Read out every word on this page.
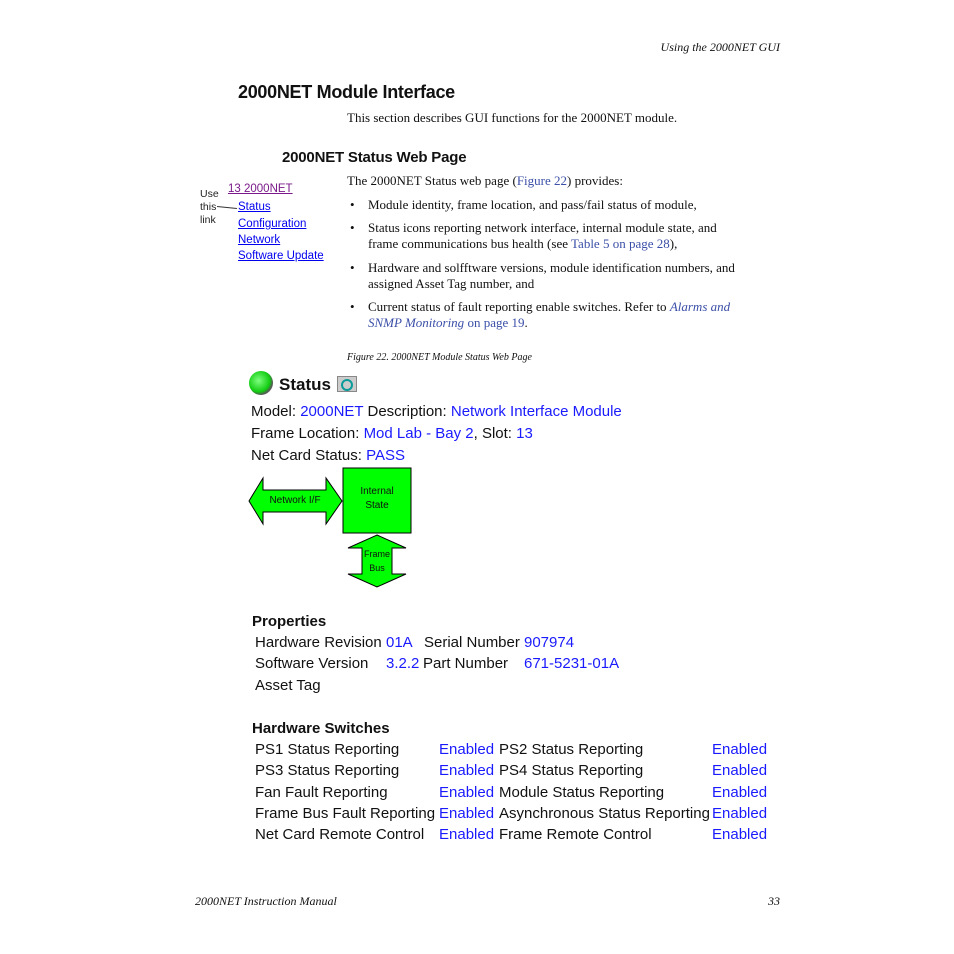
Using the 2000NET GUI
2000NET Module Interface
This section describes GUI functions for the 2000NET module.
2000NET Status Web Page
Use
this
link
13 2000NET
Status
Configuration
Network
Software Update
The 2000NET Status web page (Figure 22) provides:
• Module identity, frame location, and pass/fail status of module,
• Status icons reporting network interface, internal module state, and
frame communications bus health (see Table 5 on page 28),
• Hardware and solfftware versions, module identification numbers, and
assigned Asset Tag number, and
• Current status of fault reporting enable switches. Refer to Alarms and
SNMP Monitoring on page 19.
Figure 22. 2000NET Module Status Web Page
Status
Model: 2000NET Description: Network Interface Module
Frame Location: Mod Lab - Bay 2, Slot: 13
Net Card Status: PASS
Network I/F
Internal
State
Frame
Bus
Properties
Hardware Revision 01A Serial Number 907974
Software Version 3.2.2 Part Number 671-5231-01A
Asset Tag
Hardware Switches
PS1 Status Reporting	Enabled PS2 Status Reporting	Enabled
PS3 Status Reporting	Enabled PS4 Status Reporting	Enabled
Fan Fault Reporting	Enabled Module Status Reporting	Enabled
Frame Bus Fault Reporting Enabled Asynchronous Status Reporting Enabled
Net Card Remote Control Enabled Frame Remote Control	Enabled
2000NET Instruction Manual	33
